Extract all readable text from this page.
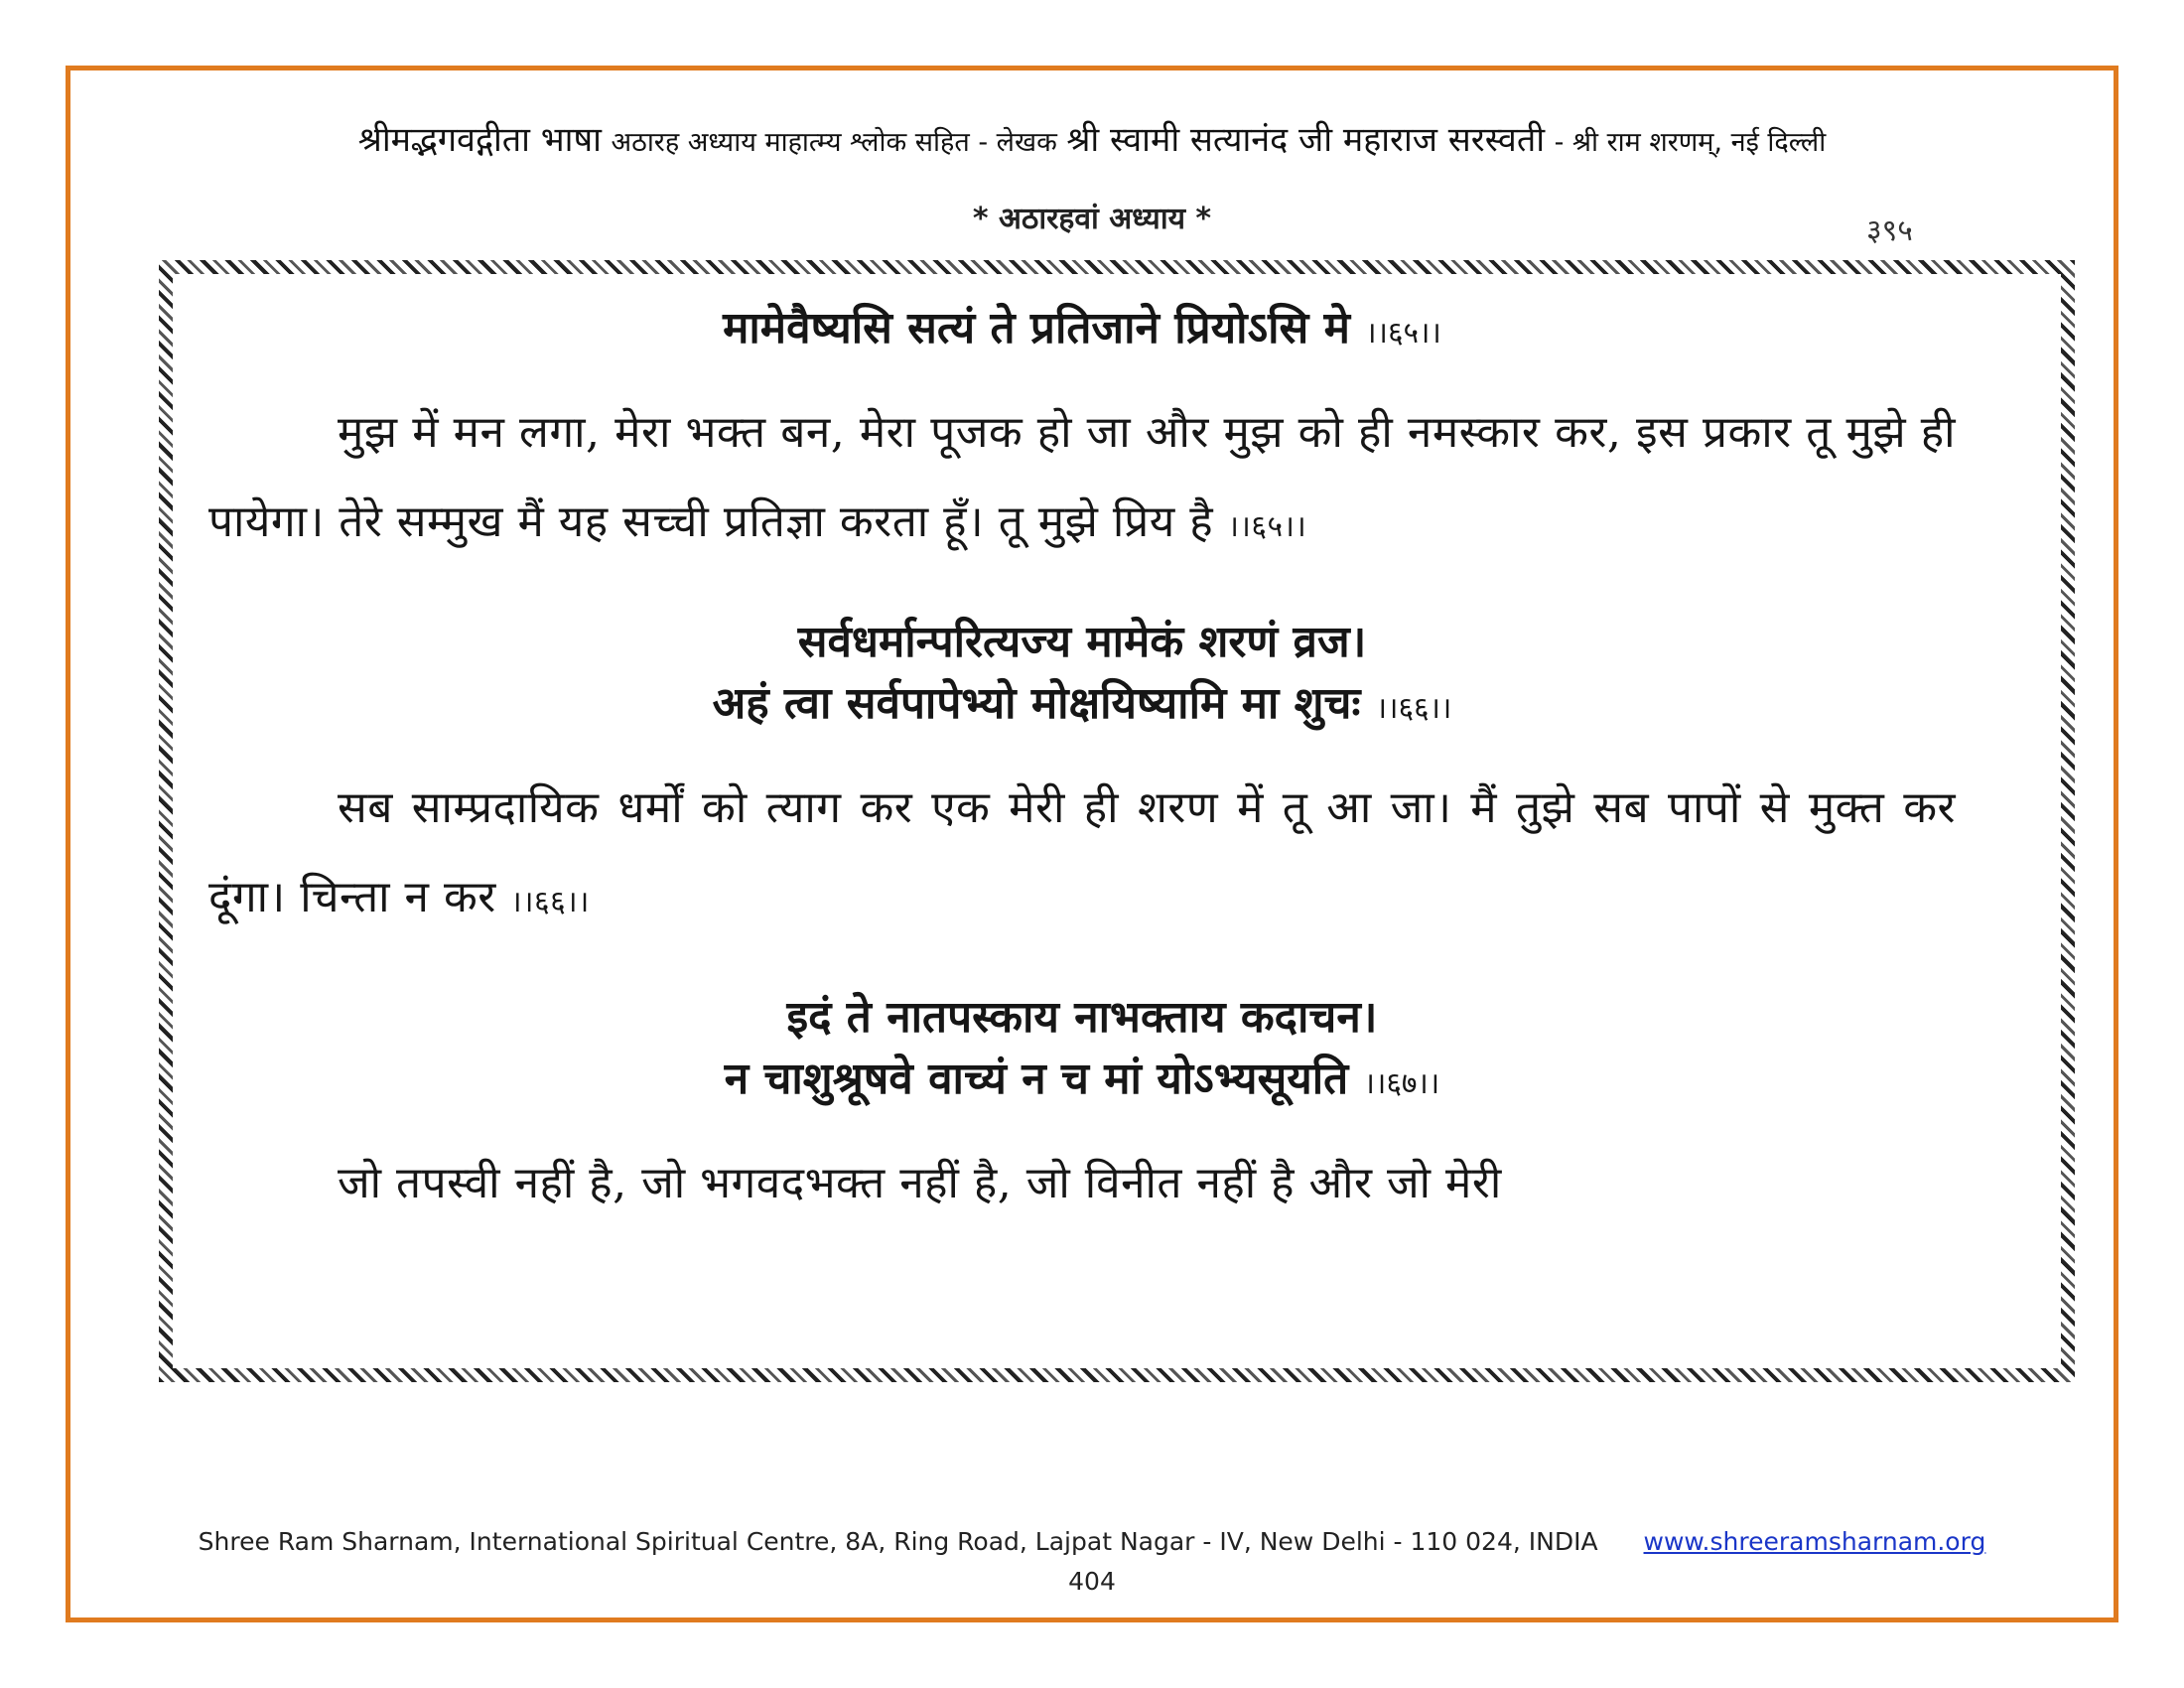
श्रीमद्भगवद्गीता भाषा अठारह अध्याय माहात्म्य श्लोक सहित - लेखक श्री स्वामी सत्यानंद जी महाराज सरस्वती - श्री राम शरणम्, नई दिल्ली
* अठारहवां अध्याय *	३९५
मामेवैष्यसि सत्यं ते प्रतिजाने प्रियोऽसि मे ।।६५।।

मुझ में मन लगा, मेरा भक्त बन, मेरा पूजक हो जा और मुझ को ही नमस्कार कर, इस प्रकार तू मुझे ही पायेगा। तेरे सम्मुख मैं यह सच्ची प्रतिज्ञा करता हूँ। तू मुझे प्रिय है ।।६५।।

सर्वधर्मान्परित्यज्य मामेकं शरणं व्रज।

अहं त्वा सर्वपापेभ्यो मोक्षयिष्यामि मा शुचः ।।६६।।

सब साम्प्रदायिक धर्मों को त्याग कर एक मेरी ही शरण में तू आ जा। मैं तुझे सब पापों से मुक्त कर दूंगा। चिन्ता न कर ।।६६।।

इदं ते नातपस्काय नाभक्ताय कदाचन।

न चाशुश्रूषवे वाच्यं न च मां योऽभ्यसूयति ।।६७।।

जो तपस्वी नहीं है, जो भगवदभक्त नहीं है, जो विनीत नहीं है और जो मेरी

Shree Ram Sharnam, International Spiritual Centre, 8A, Ring Road, Lajpat Nagar - IV, New Delhi - 110 024, INDIA www.shreeramsharnam.org
404
